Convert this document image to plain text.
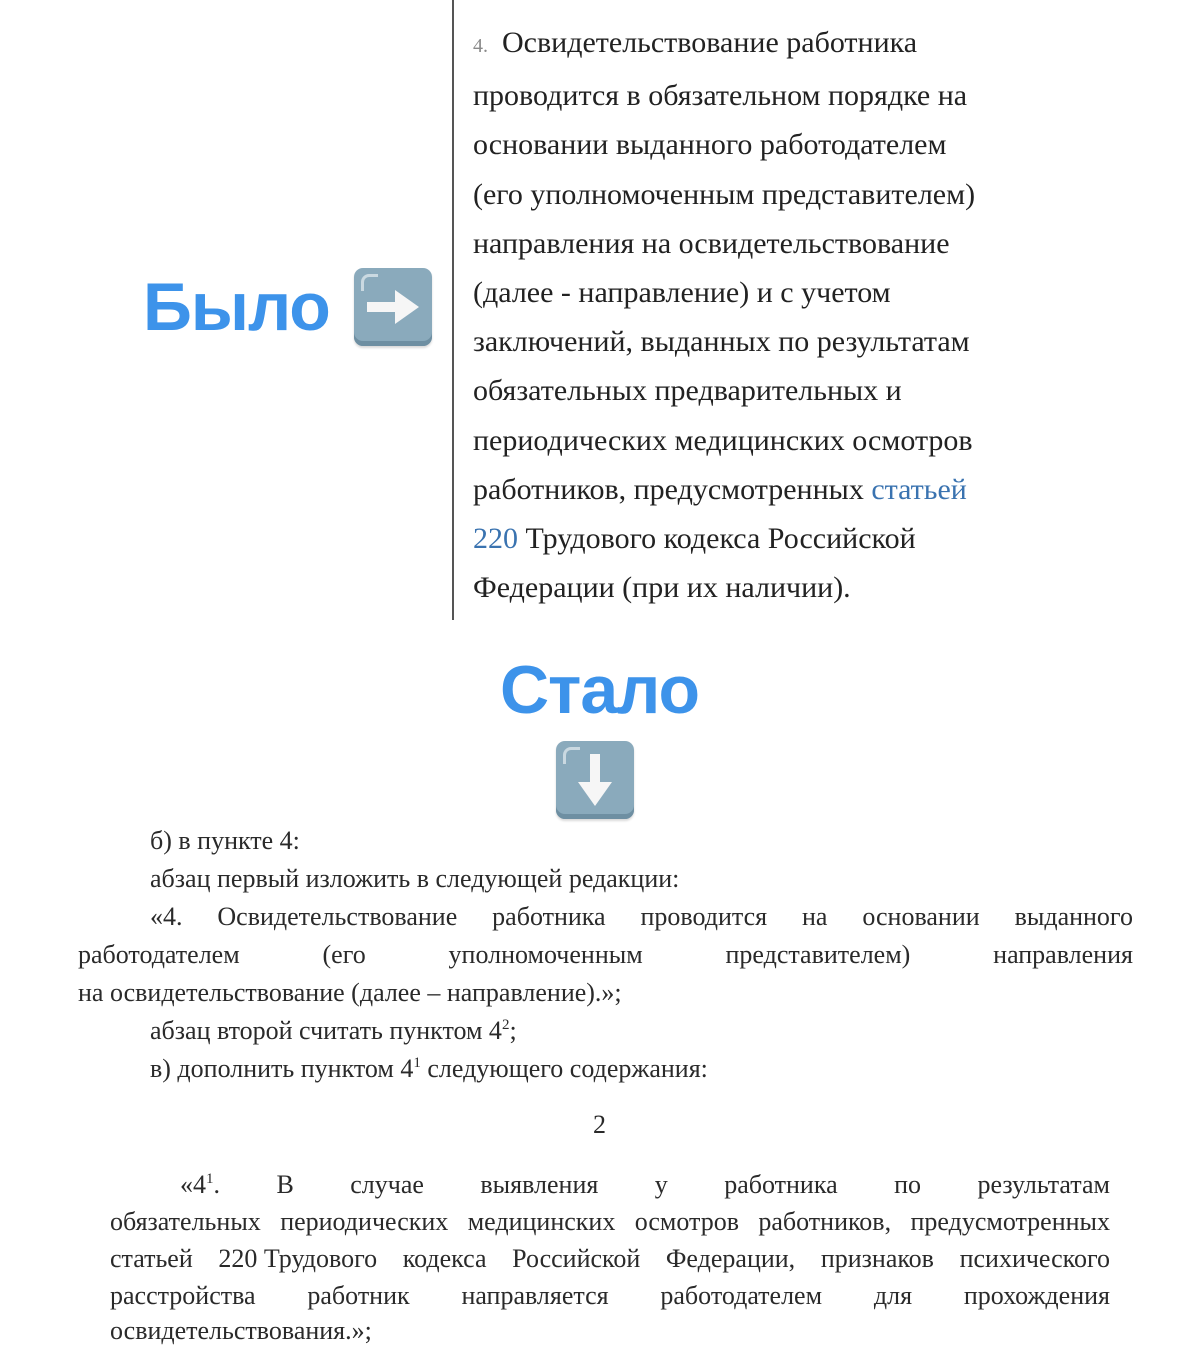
Было
4. Освидетельствование работника
проводится в обязательном порядке на
основании выданного работодателем
(его уполномоченным представителем)
направления на освидетельствование
(далее - направление) и с учетом
заключений, выданных по результатам
обязательных предварительных и
периодических медицинских осмотров
работников, предусмотренных статьей
220 Трудового кодекса Российской
Федерации (при их наличии).
Стало
б) в пункте 4:
абзац первый изложить в следующей редакции:
«4. Освидетельствование работника проводится на основании выданного
работодателем	(его	уполномоченным	представителем)	направления
на освидетельствование (далее – направление).»;
абзац второй считать пунктом $4^2$;
в) дополнить пунктом $4^1$ следующего содержания:
2
«$4^1$. В случае выявления у работника по результатам
обязательных периодических медицинских осмотров работников, предусмотренных
статьей 220 Трудового кодекса Российской Федерации, признаков психического
расстройства работник направляется работодателем для прохождения
освидетельствования.»;
